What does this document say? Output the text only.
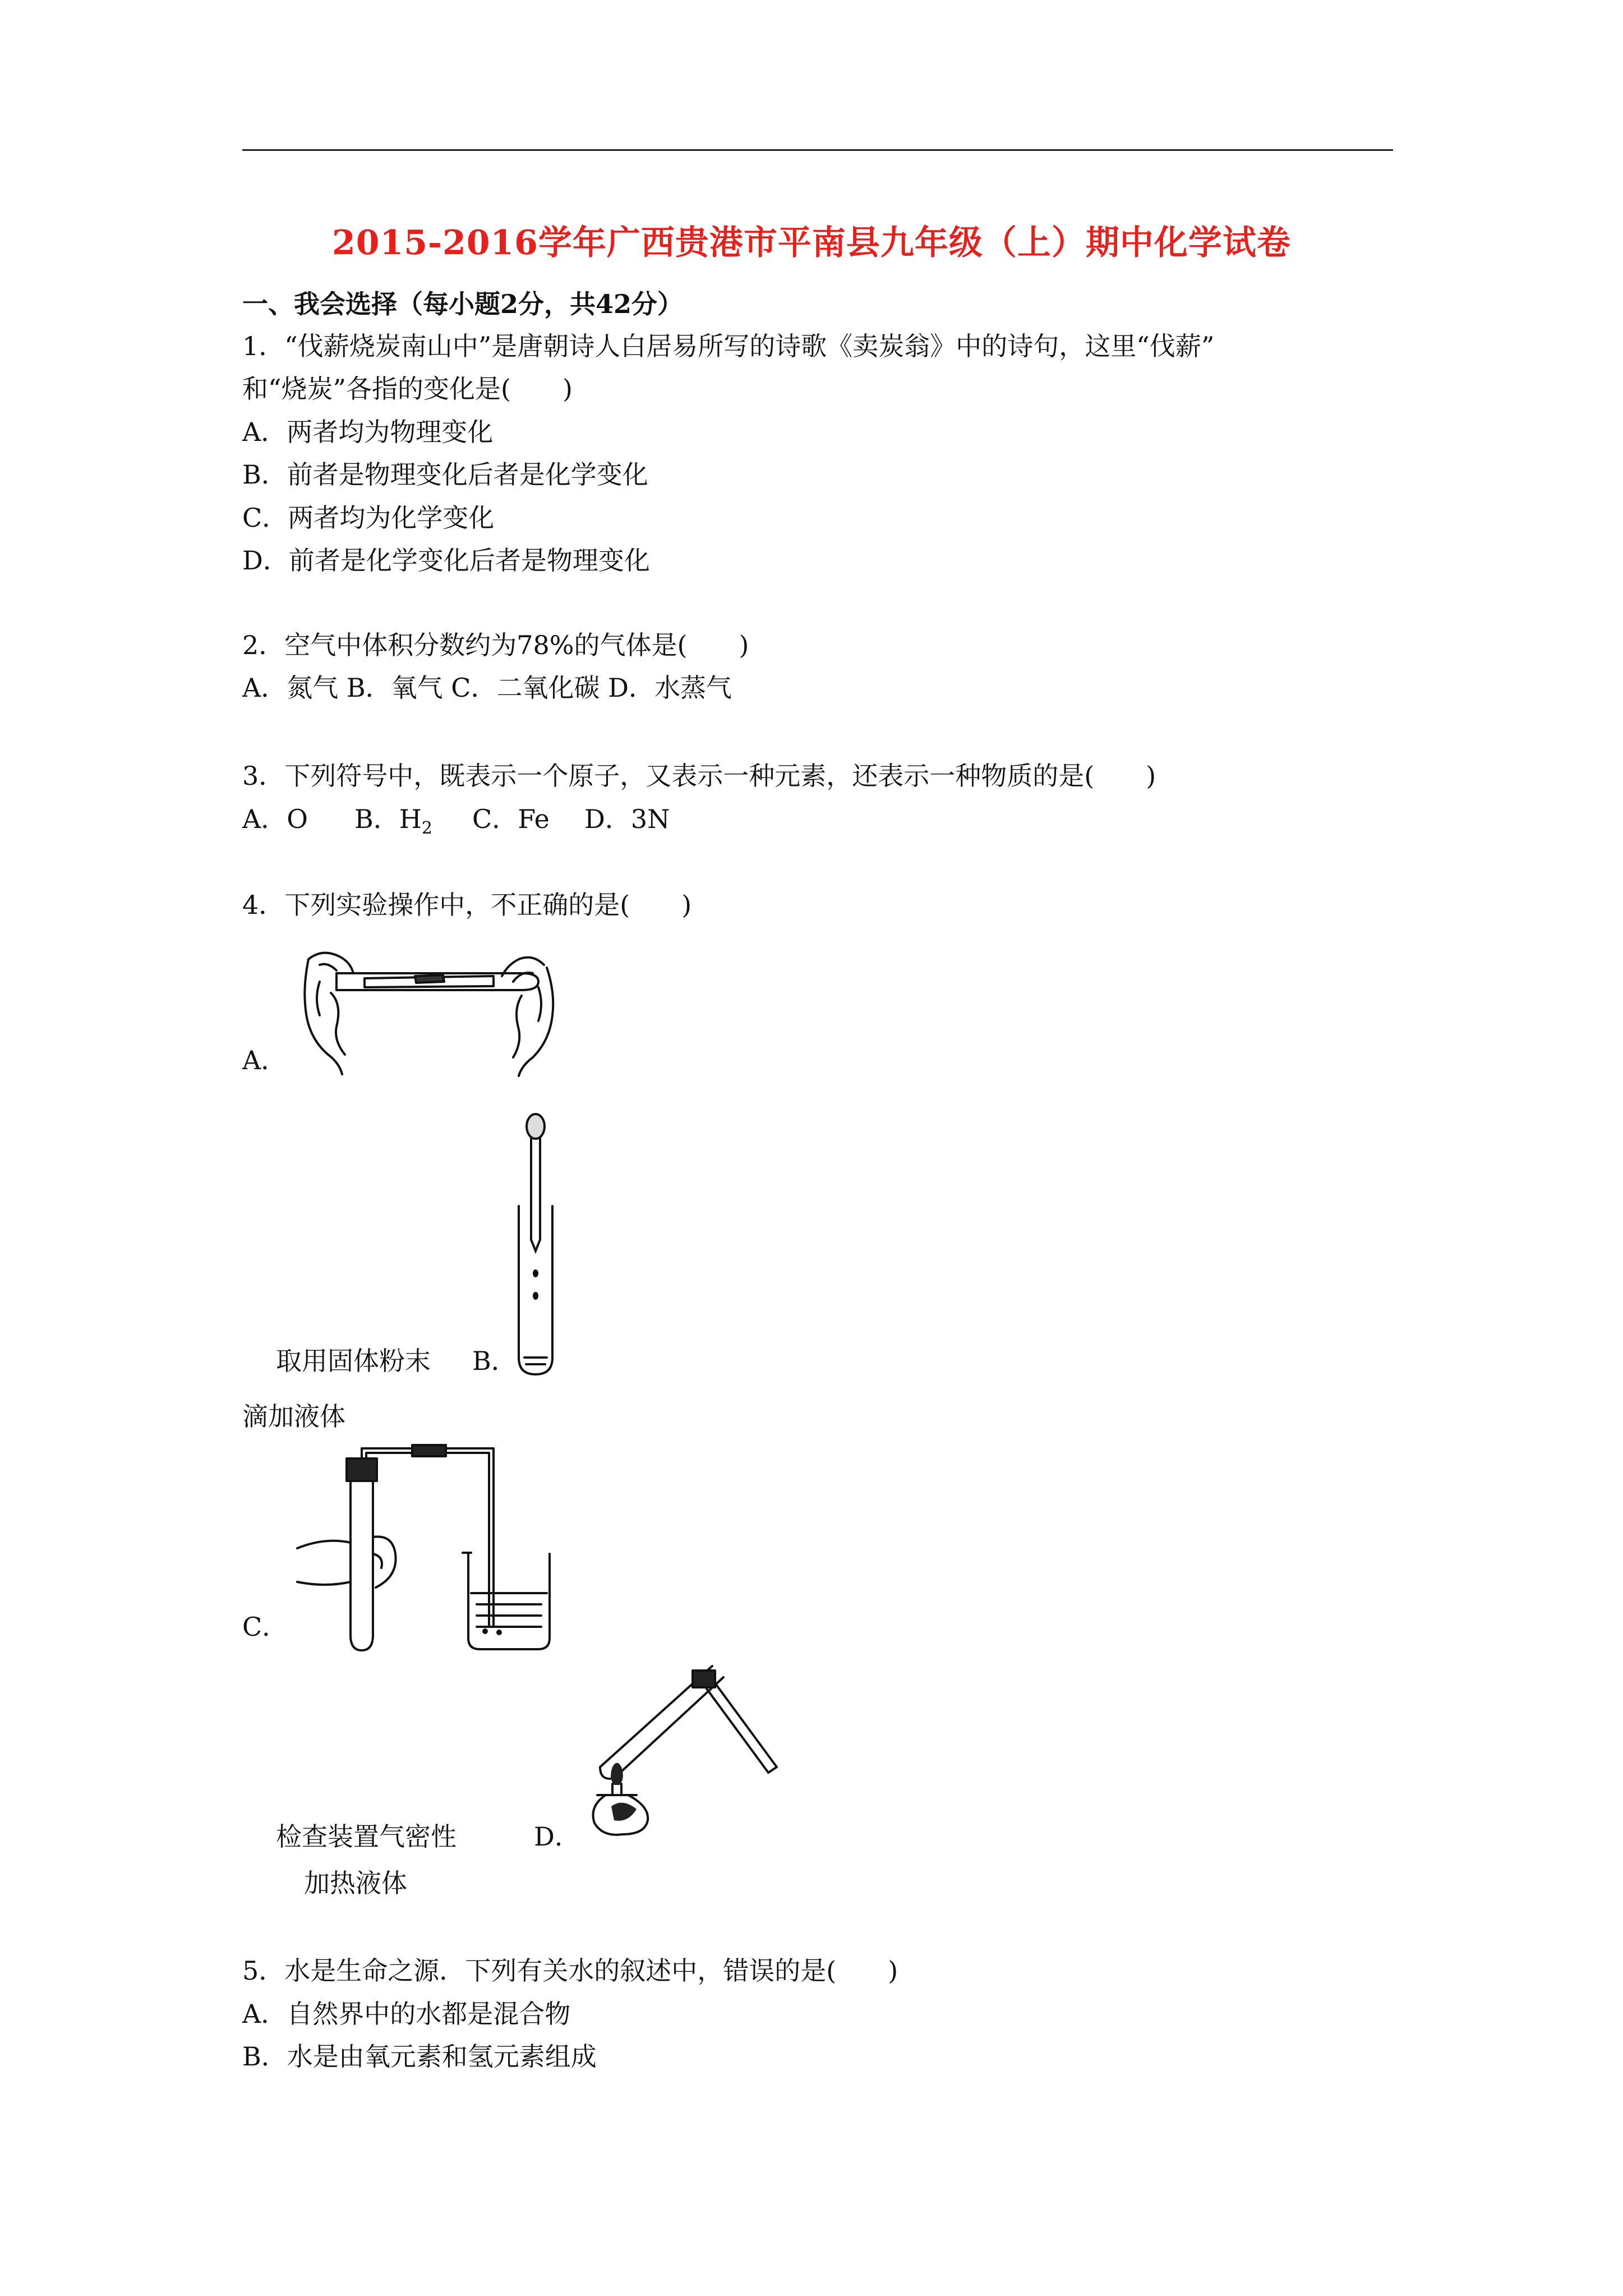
2015-2016学年广西贵港市平南县九年级（上）期中化学试卷
一、我会选择（每小题2分，共42分）
1．“伐薪烧炭南山中”是唐朝诗人白居易所写的诗歌《卖炭翁》中的诗句，这里“伐薪”
和“烧炭”各指的变化是(　　)
A．两者均为物理变化
B．前者是物理变化后者是化学变化
C．两者均为化学变化
D．前者是化学变化后者是物理变化
2．空气中体积分数约为78%的气体是(　　)
A．氮气 B．氧气 C．二氧化碳 D．水蒸气
3．下列符号中，既表示一个原子，又表示一种元素，还表示一种物质的是(　　)
A．O B．$H_2$ C．Fe D．3N
4．下列实验操作中，不正确的是(　　)
A．
取用固体粉末 B．
滴加液体
C．
检查装置气密性	D．
加热液体
5．水是生命之源．下列有关水的叙述中，错误的是(　　)
A．自然界中的水都是混合物
B．水是由氧元素和氢元素组成
